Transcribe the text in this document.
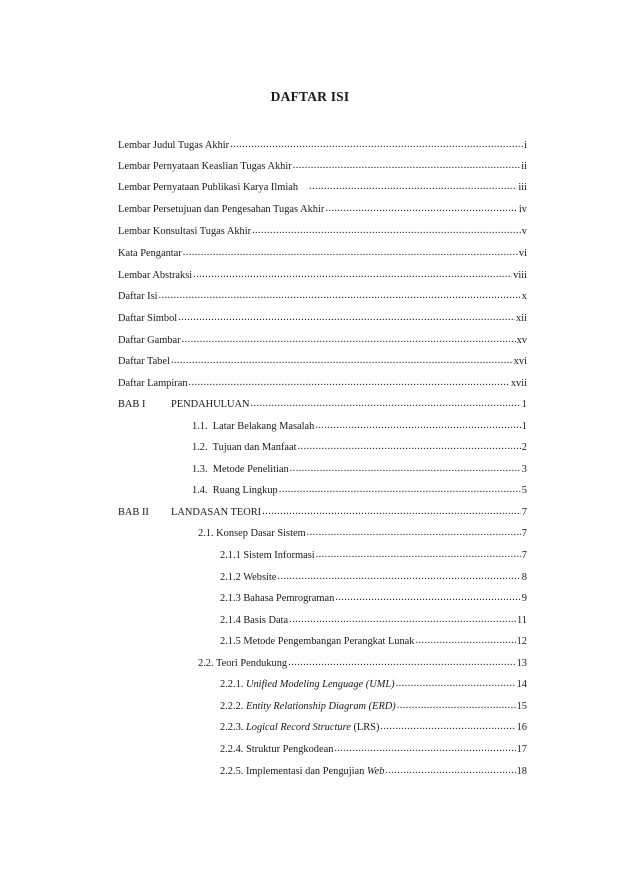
DAFTAR ISI
Lembar Judul Tugas Akhir .....	i
Lembar Pernyataan Keaslian Tugas Akhir .....	ii
Lembar Pernyataan Publikasi Karya Ilmiah .....	iii
Lembar Persetujuan dan Pengesahan Tugas Akhir .....	iv
Lembar Konsultasi Tugas Akhir .....	v
Kata Pengantar .....	vi
Lembar Abstraksi .....	viii
Daftar Isi .....	x
Daftar Simbol .....	xii
Daftar Gambar .....	xv
Daftar Tabel .....	xvi
Daftar Lampiran .....	xvii
BAB I PENDAHULUAN .....	1
1.1.  Latar Belakang Masalah .....	1
1.2.  Tujuan dan Manfaat .....	2
1.3.  Metode Penelitian .....	3
1.4.  Ruang Lingkup .....	5
BAB II LANDASAN TEORI .....	7
2.1. Konsep Dasar Sistem .....	7
2.1.1 Sistem Informasi .....	7
2.1.2 Website .....	8
2.1.3 Bahasa Pemrograman .....	9
2.1.4 Basis Data .....	11
2.1.5 Metode Pengembangan Perangkat Lunak .....	12
2.2. Teori Pendukung .....	13
2.2.1. Unified Modeling Lenguage (UML) .....	14
2.2.2. Entity Relationship Diagram (ERD) .....	15
2.2.3. Logical Record Structure (LRS) .....	16
2.2.4. Struktur Pengkodean .....	17
2.2.5. Implementasi dan Pengujian Web .....	18
